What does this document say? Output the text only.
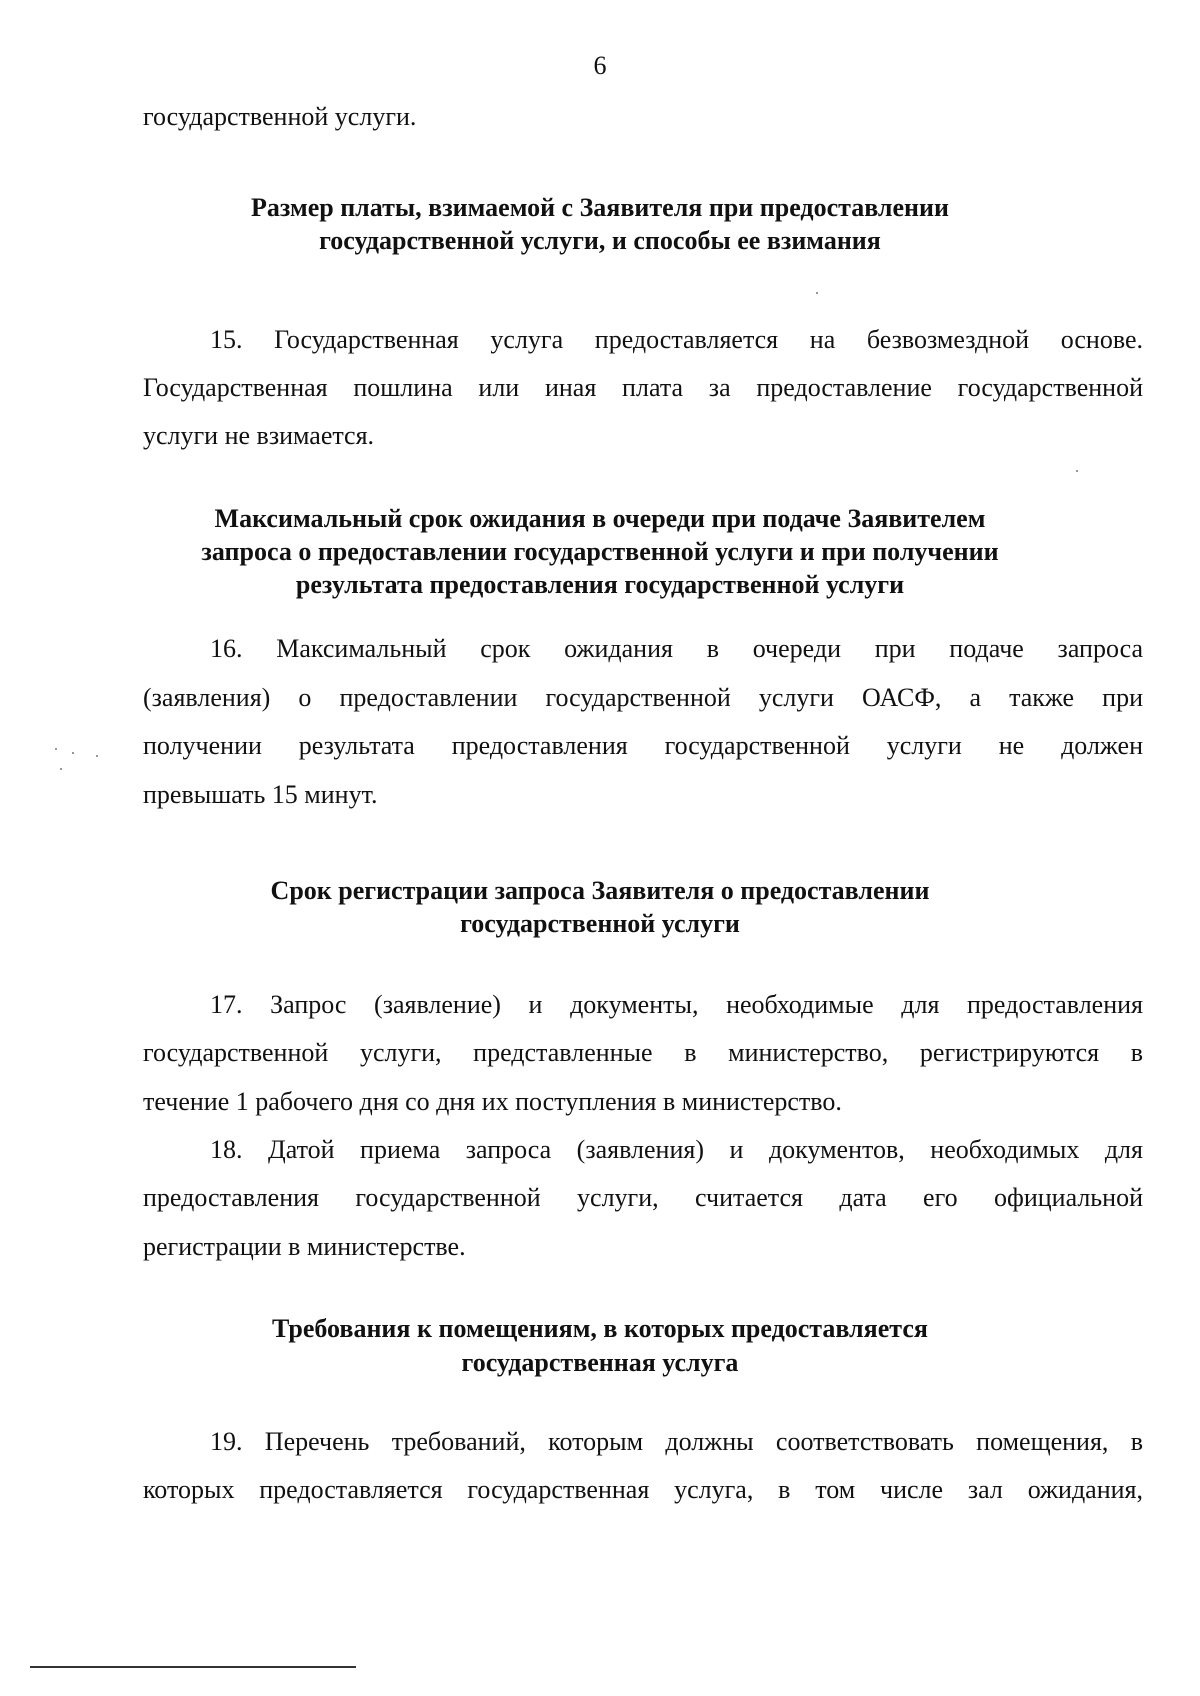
6
государственной услуги.
Размер платы, взимаемой с Заявителя при предоставлении
государственной услуги, и способы ее взимания
15. Государственная услуга предоставляется на безвозмездной основе.
Государственная пошлина или иная плата за предоставление государственной
услуги не взимается.
Максимальный срок ожидания в очереди при подаче Заявителем
запроса о предоставлении государственной услуги и при получении
результата предоставления государственной услуги
16. Максимальный срок ожидания в очереди при подаче запроса
(заявления) о предоставлении государственной услуги ОАСФ, а также при
получении результата предоставления государственной услуги не должен
превышать 15 минут.
Срок регистрации запроса Заявителя о предоставлении
государственной услуги
17. Запрос (заявление) и документы, необходимые для предоставления
государственной услуги, представленные в министерство, регистрируются в
течение 1 рабочего дня со дня их поступления в министерство.
18. Датой приема запроса (заявления) и документов, необходимых для
предоставления государственной услуги, считается дата его официальной
регистрации в министерстве.
Требования к помещениям, в которых предоставляется
государственная услуга
19. Перечень требований, которым должны соответствовать помещения, в
которых предоставляется государственная услуга, в том числе зал ожидания,
